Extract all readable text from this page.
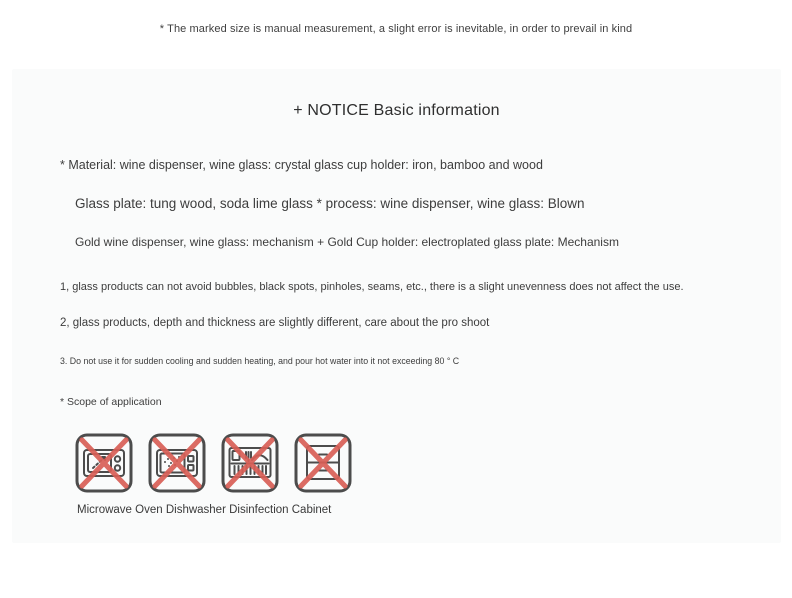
* The marked size is manual measurement, a slight error is inevitable, in order to prevail in kind
+ NOTICE Basic information

* Material: wine dispenser, wine glass: crystal glass cup holder: iron, bamboo and wood

Glass plate: tung wood, soda lime glass * process: wine dispenser, wine glass: Blown

Gold wine dispenser, wine glass: mechanism + Gold Cup holder: electroplated glass plate: Mechanism

1, glass products can not avoid bubbles, black spots, pinholes, seams, etc., there is a slight unevenness does not affect the use.

2, glass products, depth and thickness are slightly different, care about the pro shoot

3. Do not use it for sudden cooling and sudden heating, and pour hot water into it not exceeding 80 ° C

* Scope of application

Microwave Oven Dishwasher Disinfection Cabinet
